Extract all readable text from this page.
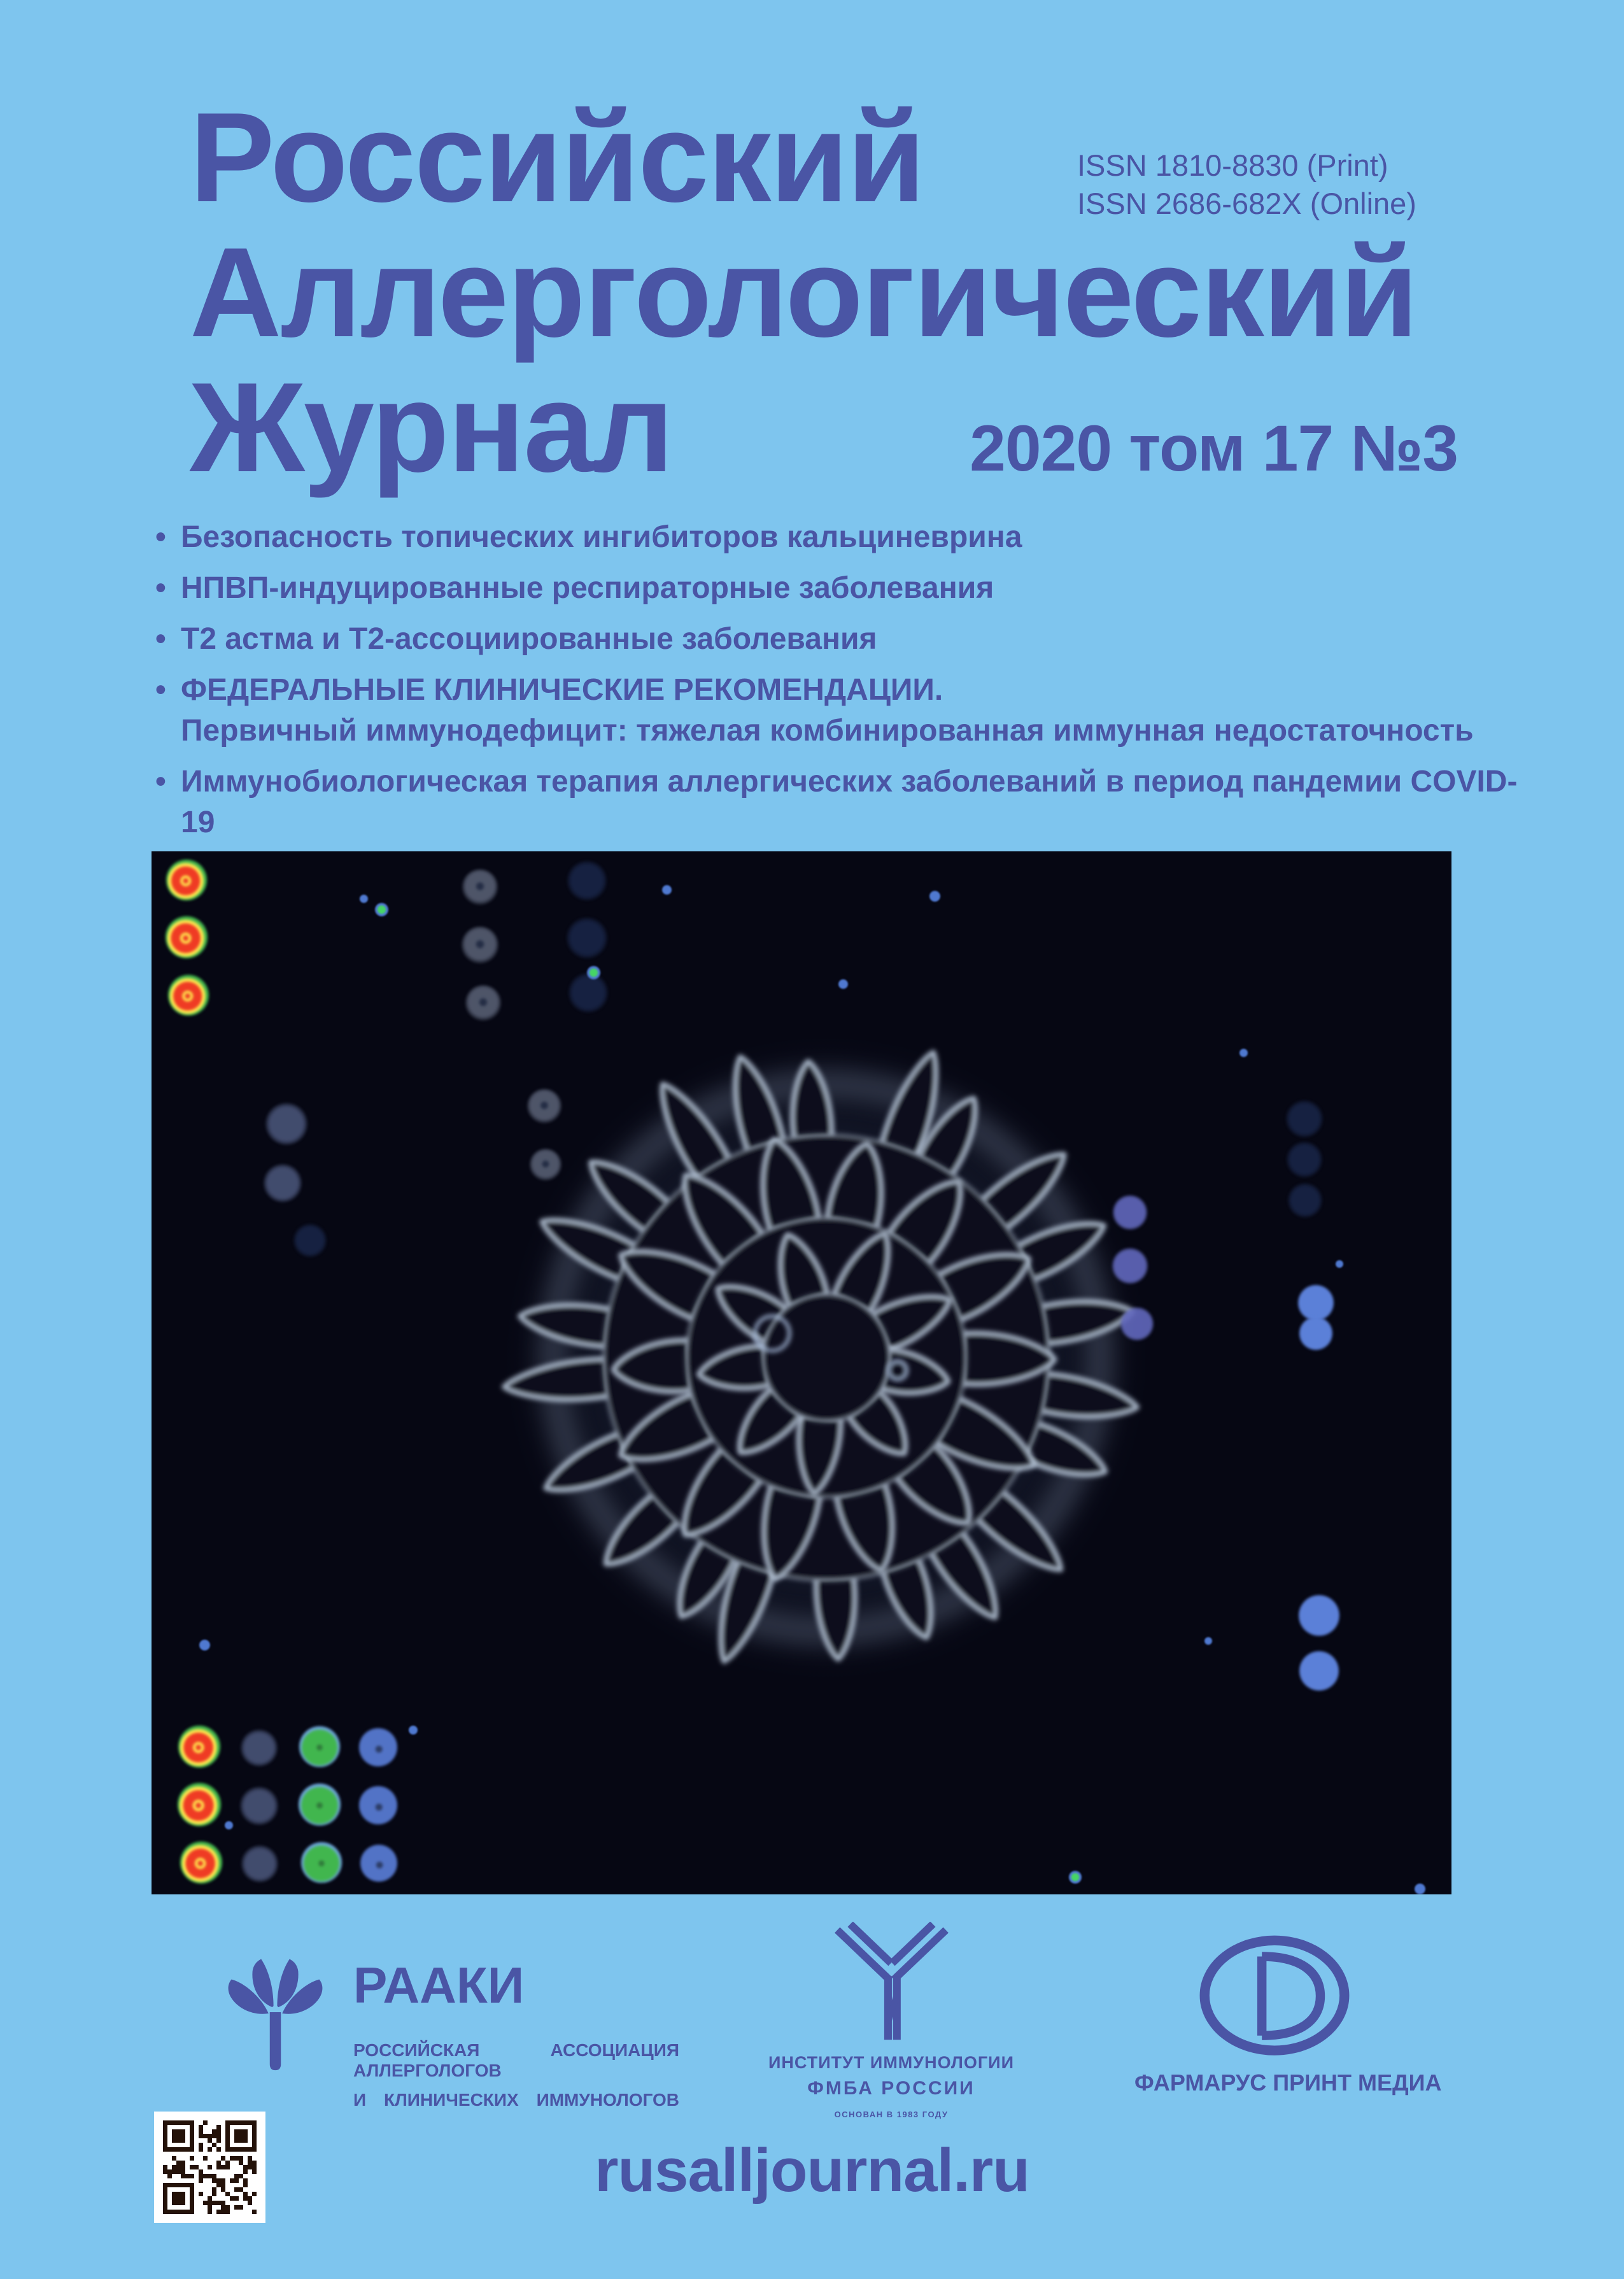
Российский
Аллергологический
Журнал
ISSN 1810-8830 (Print)
ISSN 2686-682X (Online)
2020 том 17 №3
• Безопасность топических ингибиторов кальциневрина
• НПВП-индуцированные респираторные заболевания
• Т2 астма и Т2-ассоциированные заболевания
• ФЕДЕРАЛЬНЫЕ КЛИНИЧЕСКИЕ РЕКОМЕНДАЦИИ.
Первичный иммунодефицит: тяжелая комбинированная иммунная недостаточность
• Иммунобиологическая терапия аллергических заболеваний в период пандемии COVID-19
•
РААКИ
РОССИЙСКАЯ АССОЦИАЦИЯ АЛЛЕРГОЛОГОВ
И КЛИНИЧЕСКИХ ИММУНОЛОГОВ
ИНСТИТУТ ИММУНОЛОГИИ
ФМБА РОССИИ
ОСНОВАН В 1983 ГОДУ
ФАРМАРУС ПРИНТ МЕДИА
rusalljournal.ru
